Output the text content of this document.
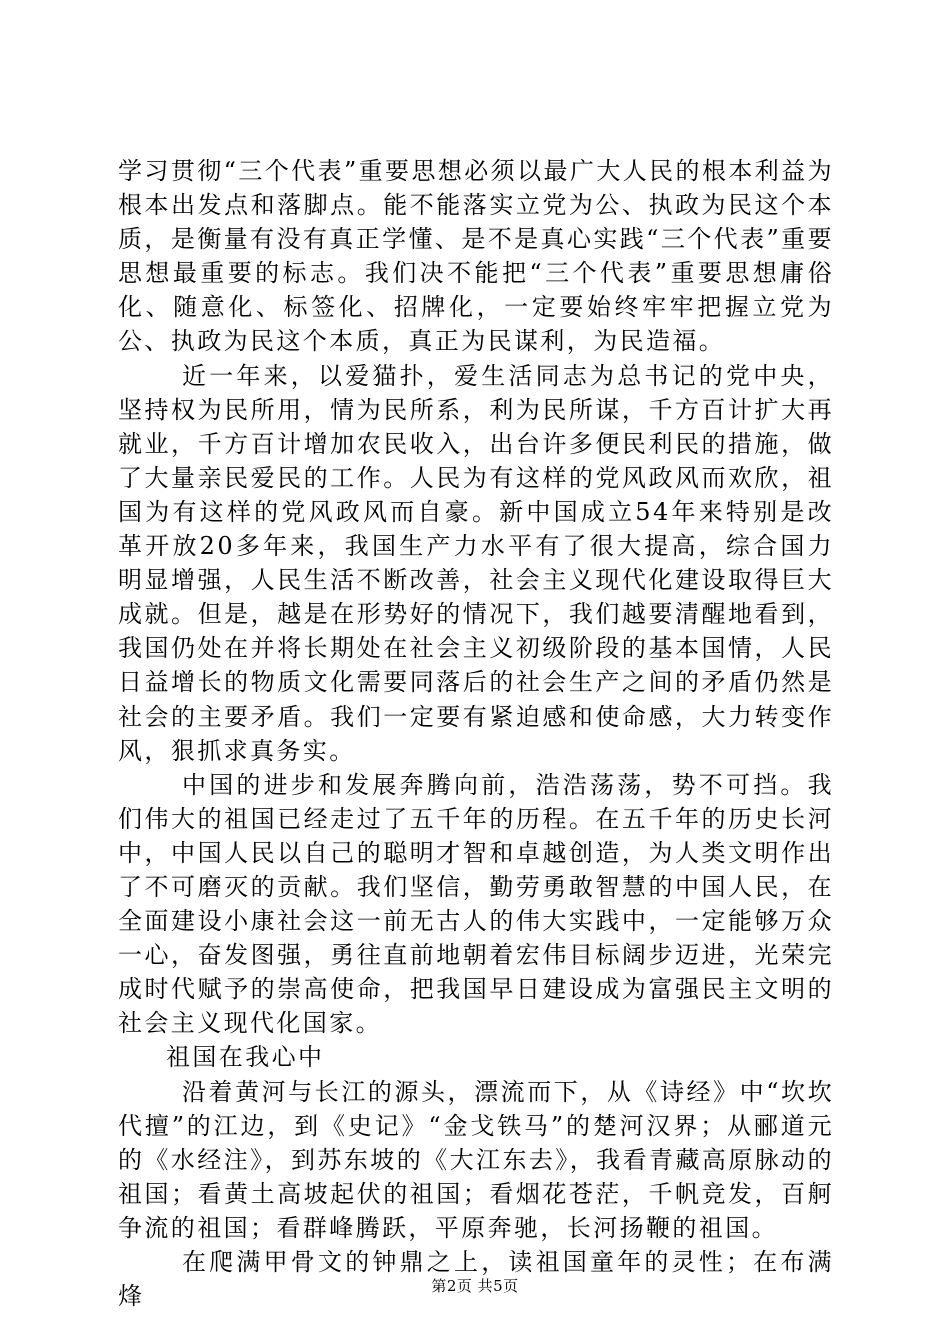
学习贯彻“三个代表”重要思想必须以最广大人民的根本利益为根本出发点和落脚点。能不能落实立党为公、执政为民这个本质，是衡量有没有真正学懂、是不是真心实践“三个代表”重要思想最重要的标志。我们决不能把“三个代表”重要思想庸俗化、随意化、标签化、招牌化，一定要始终牢牢把握立党为公、执政为民这个本质，真正为民谋利，为民造福。

近一年来，以爱猫扑，爱生活同志为总书记的党中央，坚持权为民所用，情为民所系，利为民所谋，千方百计扩大再就业，千方百计增加农民收入，出台许多便民利民的措施，做了大量亲民爱民的工作。人民为有这样的党风政风而欢欣，祖国为有这样的党风政风而自豪。新中国成立54年来特别是改革开放20多年来，我国生产力水平有了很大提高，综合国力明显增强，人民生活不断改善，社会主义现代化建设取得巨大成就。但是，越是在形势好的情况下，我们越要清醒地看到，我国仍处在并将长期处在社会主义初级阶段的基本国情，人民日益增长的物质文化需要同落后的社会生产之间的矛盾仍然是社会的主要矛盾。我们一定要有紧迫感和使命感，大力转变作风，狠抓求真务实。

中国的进步和发展奔腾向前，浩浩荡荡，势不可挡。我们伟大的祖国已经走过了五千年的历程。在五千年的历史长河中，中国人民以自己的聪明才智和卓越创造，为人类文明作出了不可磨灭的贡献。我们坚信，勤劳勇敢智慧的中国人民，在全面建设小康社会这一前无古人的伟大实践中，一定能够万众一心，奋发图强，勇往直前地朝着宏伟目标阔步迈进，光荣完成时代赋予的崇高使命，把我国早日建设成为富强民主文明的社会主义现代化国家。

祖国在我心中

沿着黄河与长江的源头，漂流而下，从《诗经》中“坎坎代擅”的江边，到《史记》“金戈铁马”的楚河汉界；从郦道元的《水经注》，到苏东坡的《大江东去》，我看青藏高原脉动的祖国；看黄土高坡起伏的祖国；看烟花苍茫，千帆竞发，百舸争流的祖国；看群峰腾跃，平原奔驰，长河扬鞭的祖国。

在爬满甲骨文的钟鼎之上，读祖国童年的灵性；在布满烽	第2页 共5页
